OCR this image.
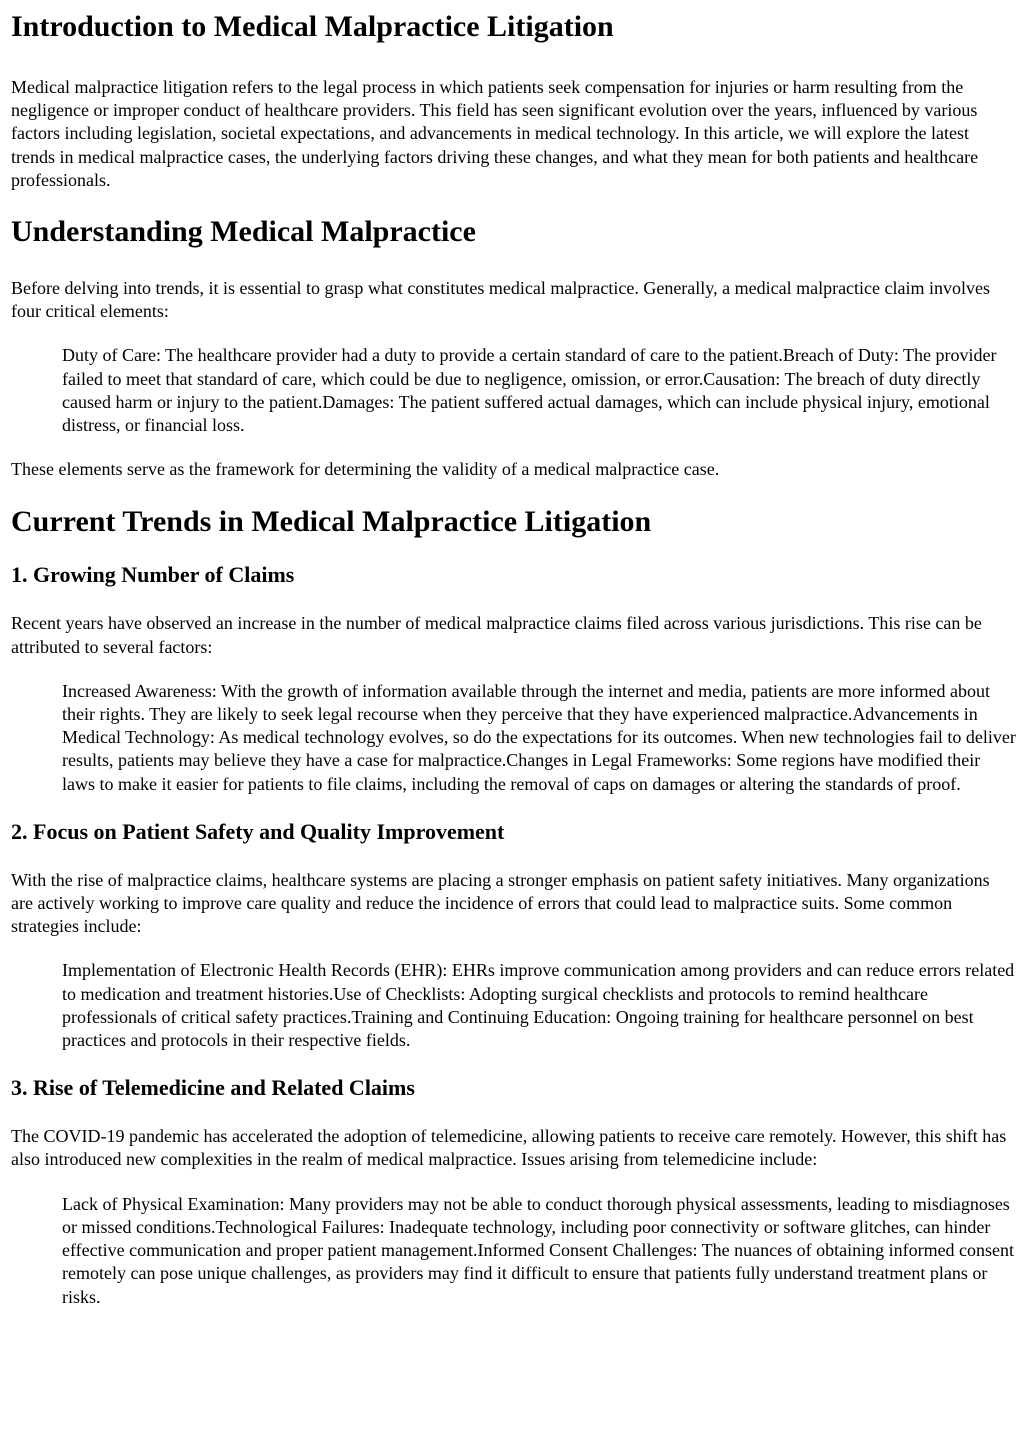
Introduction to Medical Malpractice Litigation

Medical malpractice litigation refers to the legal process in which patients seek compensation for injuries or harm resulting from the negligence or improper conduct of healthcare providers. This field has seen significant evolution over the years, influenced by various factors including legislation, societal expectations, and advancements in medical technology. In this article, we will explore the latest trends in medical malpractice cases, the underlying factors driving these changes, and what they mean for both patients and healthcare professionals.

Understanding Medical Malpractice

Before delving into trends, it is essential to grasp what constitutes medical malpractice. Generally, a medical malpractice claim involves four critical elements:

Duty of Care: The healthcare provider had a duty to provide a certain standard of care to the patient.Breach of Duty: The provider failed to meet that standard of care, which could be due to negligence, omission, or error.Causation: The breach of duty directly caused harm or injury to the patient.Damages: The patient suffered actual damages, which can include physical injury, emotional distress, or financial loss.

These elements serve as the framework for determining the validity of a medical malpractice case.

Current Trends in Medical Malpractice Litigation
1. Growing Number of Claims

Recent years have observed an increase in the number of medical malpractice claims filed across various jurisdictions. This rise can be attributed to several factors:

Increased Awareness: With the growth of information available through the internet and media, patients are more informed about their rights. They are likely to seek legal recourse when they perceive that they have experienced malpractice.Advancements in Medical Technology: As medical technology evolves, so do the expectations for its outcomes. When new technologies fail to deliver results, patients may believe they have a case for malpractice.Changes in Legal Frameworks: Some regions have modified their laws to make it easier for patients to file claims, including the removal of caps on damages or altering the standards of proof.
2. Focus on Patient Safety and Quality Improvement

With the rise of malpractice claims, healthcare systems are placing a stronger emphasis on patient safety initiatives. Many organizations are actively working to improve care quality and reduce the incidence of errors that could lead to malpractice suits. Some common strategies include:

Implementation of Electronic Health Records (EHR): EHRs improve communication among providers and can reduce errors related to medication and treatment histories.Use of Checklists: Adopting surgical checklists and protocols to remind healthcare professionals of critical safety practices.Training and Continuing Education: Ongoing training for healthcare personnel on best practices and protocols in their respective fields.
3. Rise of Telemedicine and Related Claims

The COVID-19 pandemic has accelerated the adoption of telemedicine, allowing patients to receive care remotely. However, this shift has also introduced new complexities in the realm of medical malpractice. Issues arising from telemedicine include:

Lack of Physical Examination: Many providers may not be able to conduct thorough physical assessments, leading to misdiagnoses or missed conditions.Technological Failures: Inadequate technology, including poor connectivity or software glitches, can hinder effective communication and proper patient management.Informed Consent Challenges: The nuances of obtaining informed consent remotely can pose unique challenges, as providers may find it difficult to ensure that patients fully understand treatment plans or risks.
